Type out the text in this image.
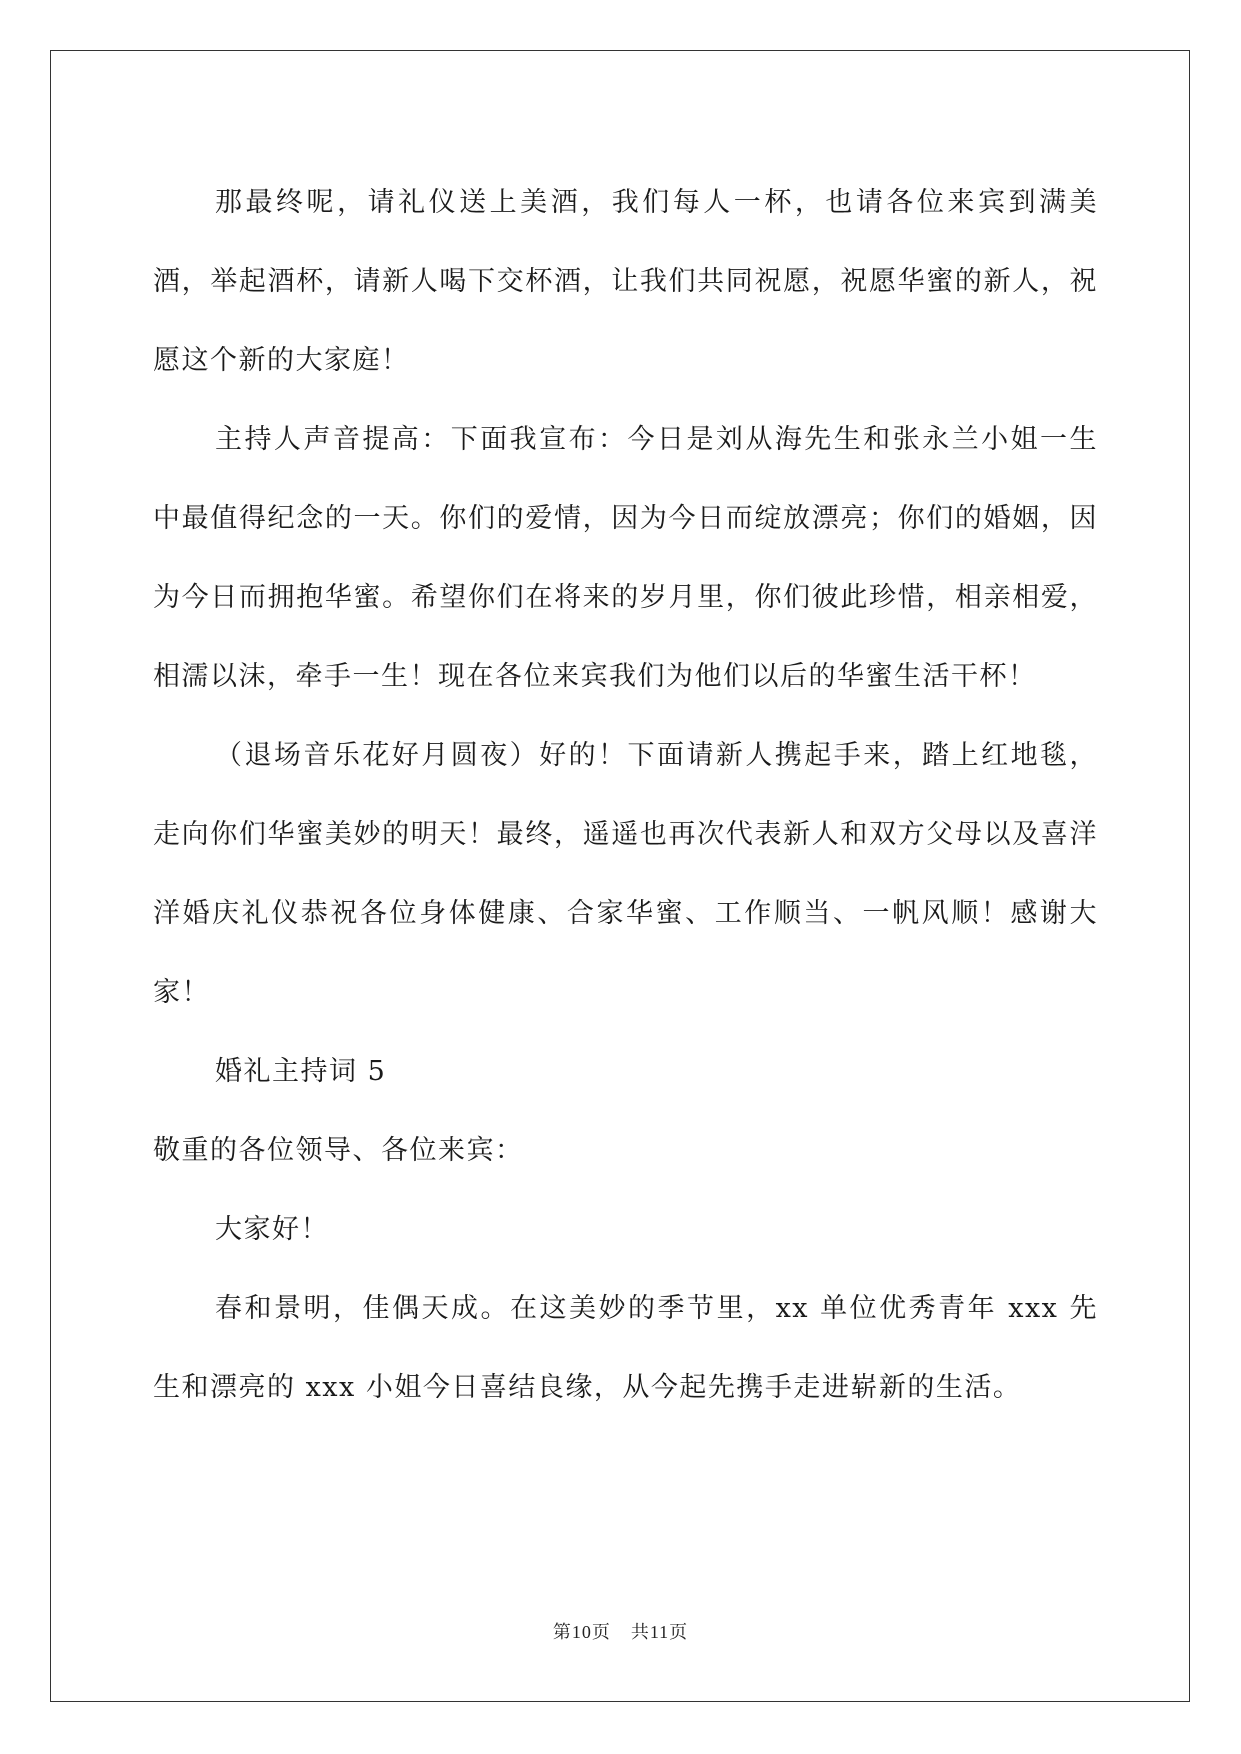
那最终呢，请礼仪送上美酒，我们每人一杯，也请各位来宾到满美酒，举起酒杯，请新人喝下交杯酒，让我们共同祝愿，祝愿华蜜的新人，祝愿这个新的大家庭！

主持人声音提高：下面我宣布：今日是刘从海先生和张永兰小姐一生中最值得纪念的一天。你们的爱情，因为今日而绽放漂亮；你们的婚姻，因为今日而拥抱华蜜。希望你们在将来的岁月里，你们彼此珍惜，相亲相爱，相濡以沫，牵手一生！现在各位来宾我们为他们以后的华蜜生活干杯！

（退场音乐花好月圆夜）好的！下面请新人携起手来，踏上红地毯，走向你们华蜜美妙的明天！最终，遥遥也再次代表新人和双方父母以及喜洋洋婚庆礼仪恭祝各位身体健康、合家华蜜、工作顺当、一帆风顺！感谢大家！

婚礼主持词 5

敬重的各位领导、各位来宾：

大家好！

春和景明，佳偶天成。在这美妙的季节里，xx 单位优秀青年 xxx 先生和漂亮的 xxx 小姐今日喜结良缘，从今起先携手走进崭新的生活。

第10页 共11页
